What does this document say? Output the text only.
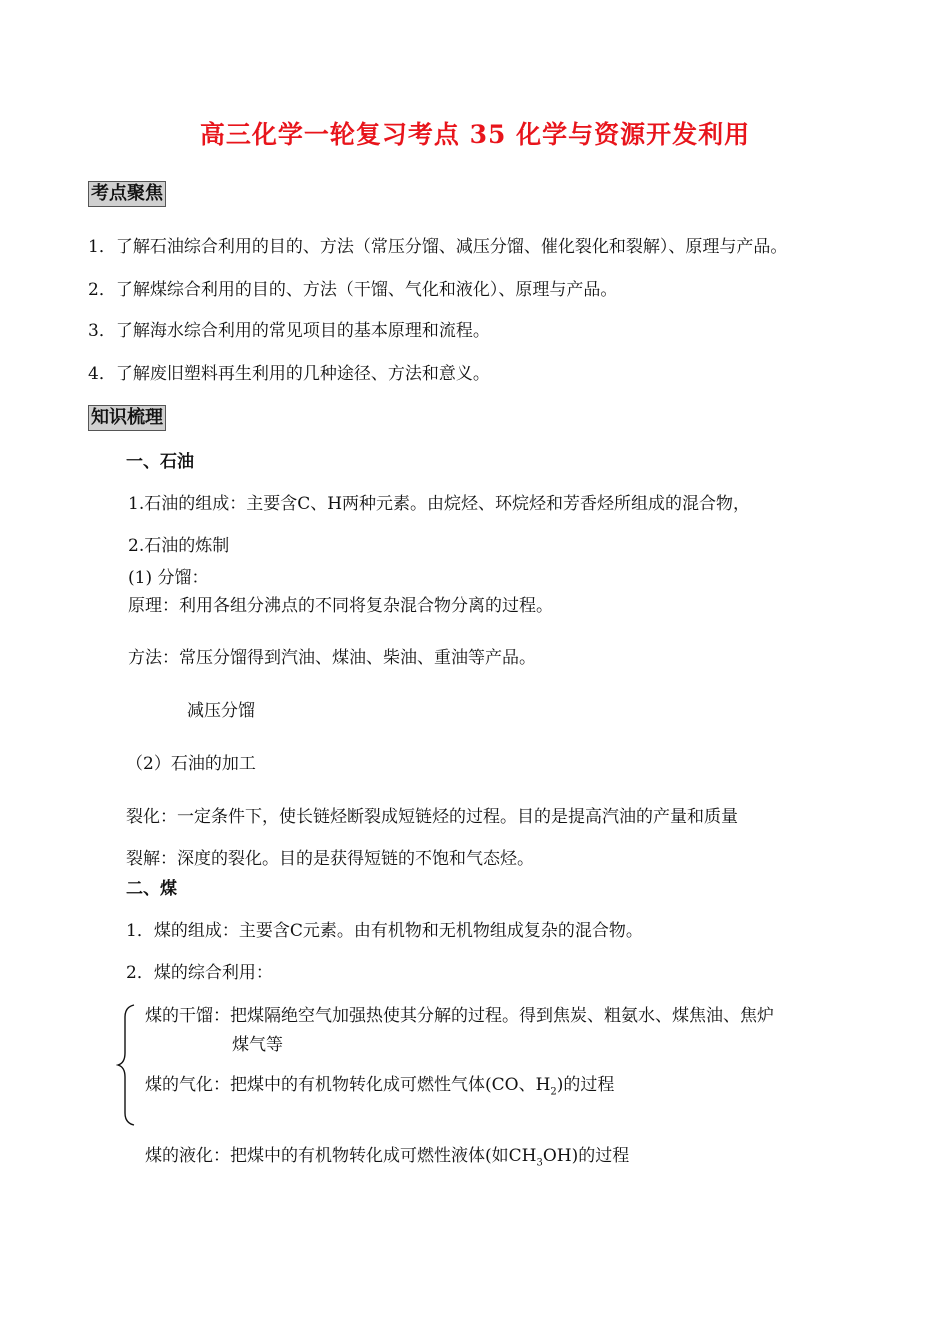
高三化学一轮复习考点 35 化学与资源开发利用
考点聚焦
1．了解石油综合利用的目的、方法（常压分馏、减压分馏、催化裂化和裂解）、原理与产品。
2．了解煤综合利用的目的、方法（干馏、气化和液化）、原理与产品。
3．了解海水综合利用的常见项目的基本原理和流程。
4．了解废旧塑料再生利用的几种途径、方法和意义。
知识梳理
一、石油
1.石油的组成：主要含C、H两种元素。由烷烃、环烷烃和芳香烃所组成的混合物，
2.石油的炼制
(1) 分馏：
原理：利用各组分沸点的不同将复杂混合物分离的过程。
方法：常压分馏得到汽油、煤油、柴油、重油等产品。
减压分馏
（2）石油的加工
裂化：一定条件下，使长链烃断裂成短链烃的过程。目的是提高汽油的产量和质量
裂解：深度的裂化。目的是获得短链的不饱和气态烃。
二、煤
1．煤的组成：主要含C元素。由有机物和无机物组成复杂的混合物。
2．煤的综合利用：
煤的干馏：把煤隔绝空气加强热使其分解的过程。得到焦炭、粗氨水、煤焦油、焦炉
煤气等
煤的气化：把煤中的有机物转化成可燃性气体(CO、$H_2$)的过程
煤的液化：把煤中的有机物转化成可燃性液体(如$CH_3OH$)的过程
